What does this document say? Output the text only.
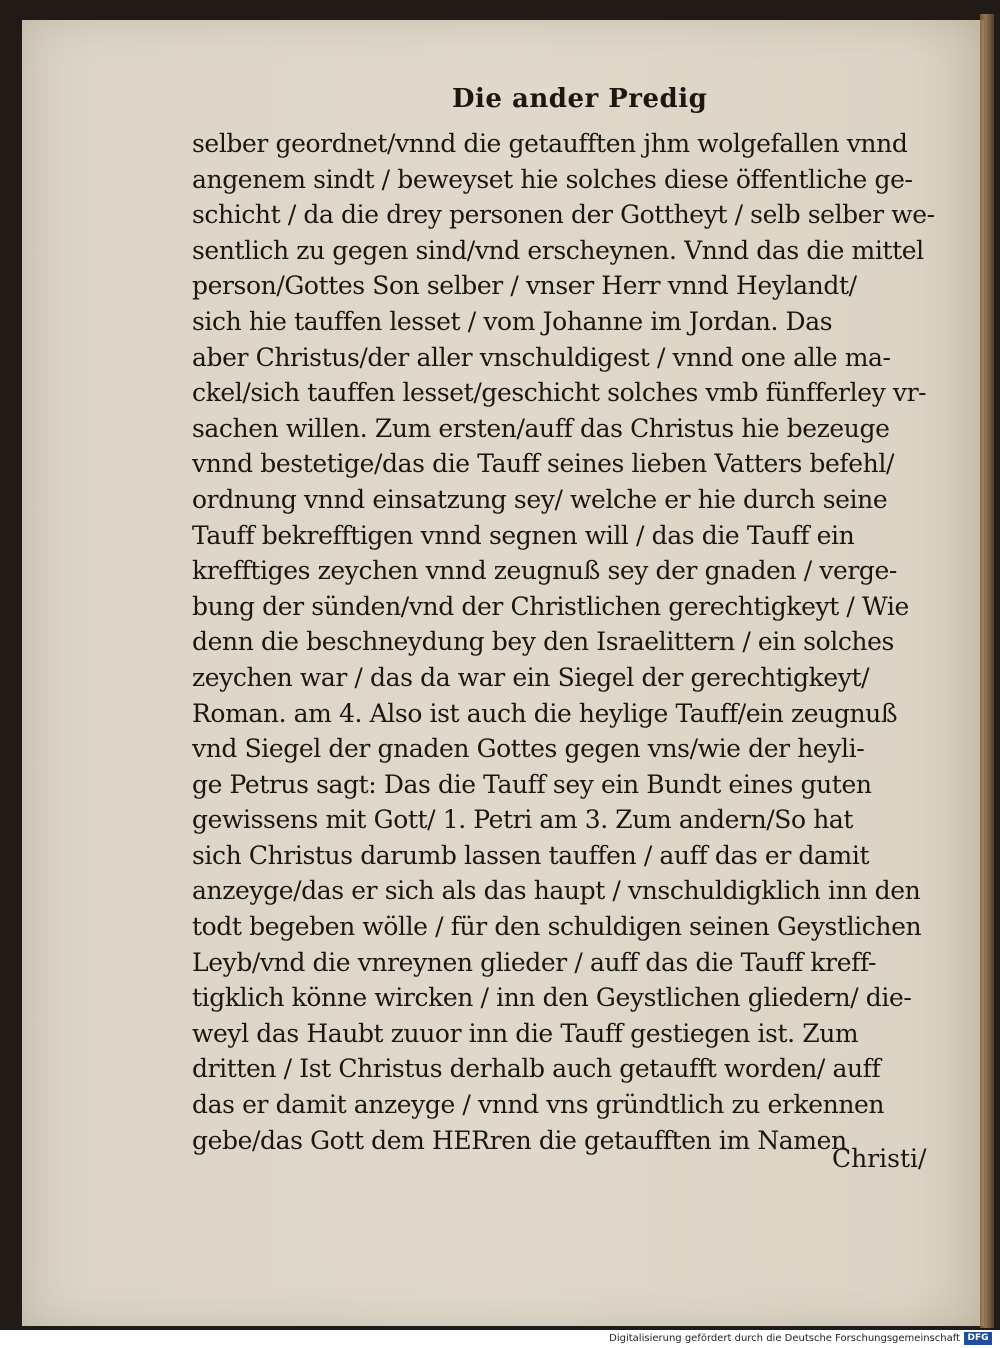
Die ander Predig
selber geordnet/vnnd die getaufften jhm wolgefallen vnnd
angenem sindt / beweyset hie solches diese öffentliche ge-
schicht / da die drey personen der Gottheyt / selb selber we-
sentlich zu gegen sind/vnd erscheynen. Vnnd das die mittel
person/Gottes Son selber / vnser Herr vnnd Heylandt/
sich hie tauffen lesset / vom Johanne im Jordan. Das
aber Christus/der aller vnschuldigest / vnnd one alle ma-
ckel/sich tauffen lesset/geschicht solches vmb fünfferley vr-
sachen willen. Zum ersten/auff das Christus hie bezeuge
vnnd bestetige/das die Tauff seines lieben Vatters befehl/
ordnung vnnd einsatzung sey/ welche er hie durch seine
Tauff bekrefftigen vnnd segnen will / das die Tauff ein
krefftiges zeychen vnnd zeugnuß sey der gnaden / verge-
bung der sünden/vnd der Christlichen gerechtigkeyt / Wie
denn die beschneydung bey den Israelittern / ein solches
zeychen war / das da war ein Siegel der gerechtigkeyt/
Roman. am 4. Also ist auch die heylige Tauff/ein zeugnuß
vnd Siegel der gnaden Gottes gegen vns/wie der heyli-
ge Petrus sagt: Das die Tauff sey ein Bundt eines guten
gewissens mit Gott/ 1. Petri am 3. Zum andern/So hat
sich Christus darumb lassen tauffen / auff das er damit
anzeyge/das er sich als das haupt / vnschuldigklich inn den
todt begeben wölle / für den schuldigen seinen Geystlichen
Leyb/vnd die vnreynen glieder / auff das die Tauff kreff-
tigklich könne wircken / inn den Geystlichen gliedern/ die-
weyl das Haubt zuuor inn die Tauff gestiegen ist. Zum
dritten / Ist Christus derhalb auch getaufft worden/ auff
das er damit anzeyge / vnnd vns gründtlich zu erkennen
gebe/das Gott dem HERren die getaufften im Namen
Christi/
Digitalisierung gefördert durch die Deutsche Forschungsgemeinschaft DFG
